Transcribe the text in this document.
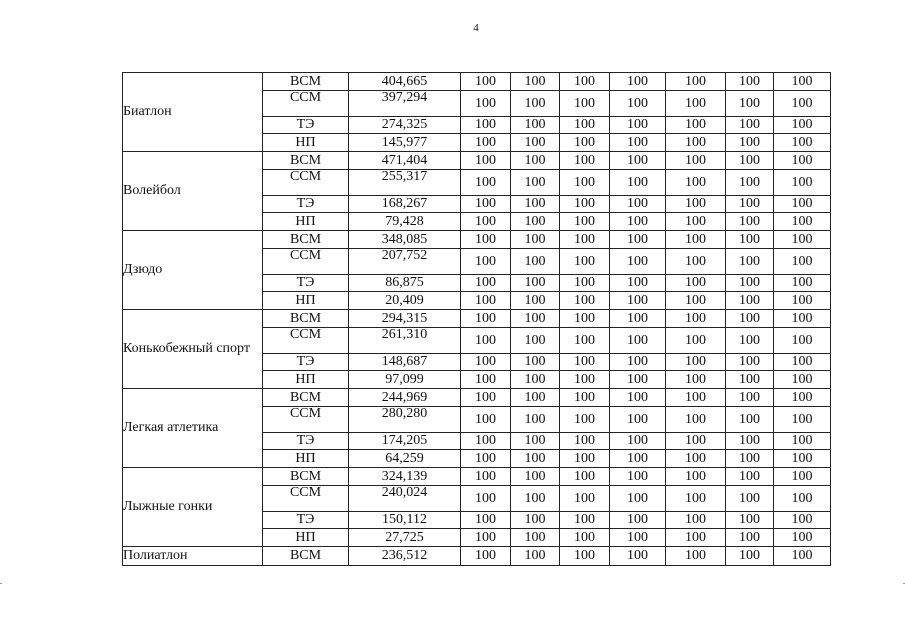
4
Биатлон	ВСМ	404,665	100	100	100	100	100	100	100
	ССМ	397,294	100	100	100	100	100	100	100
	ТЭ	274,325	100	100	100	100	100	100	100
	НП	145,977	100	100	100	100	100	100	100
Волейбол	ВСМ	471,404	100	100	100	100	100	100	100
	ССМ	255,317	100	100	100	100	100	100	100
	ТЭ	168,267	100	100	100	100	100	100	100
	НП	79,428	100	100	100	100	100	100	100
Дзюдо	ВСМ	348,085	100	100	100	100	100	100	100
	ССМ	207,752	100	100	100	100	100	100	100
	ТЭ	86,875	100	100	100	100	100	100	100
	НП	20,409	100	100	100	100	100	100	100
Конькобежный спорт	ВСМ	294,315	100	100	100	100	100	100	100
	ССМ	261,310	100	100	100	100	100	100	100
	ТЭ	148,687	100	100	100	100	100	100	100
	НП	97,099	100	100	100	100	100	100	100
Легкая атлетика	ВСМ	244,969	100	100	100	100	100	100	100
	ССМ	280,280	100	100	100	100	100	100	100
	ТЭ	174,205	100	100	100	100	100	100	100
	НП	64,259	100	100	100	100	100	100	100
Лыжные гонки	ВСМ	324,139	100	100	100	100	100	100	100
	ССМ	240,024	100	100	100	100	100	100	100
	ТЭ	150,112	100	100	100	100	100	100	100
	НП	27,725	100	100	100	100	100	100	100
Полиатлон	ВСМ	236,512	100	100	100	100	100	100	100
